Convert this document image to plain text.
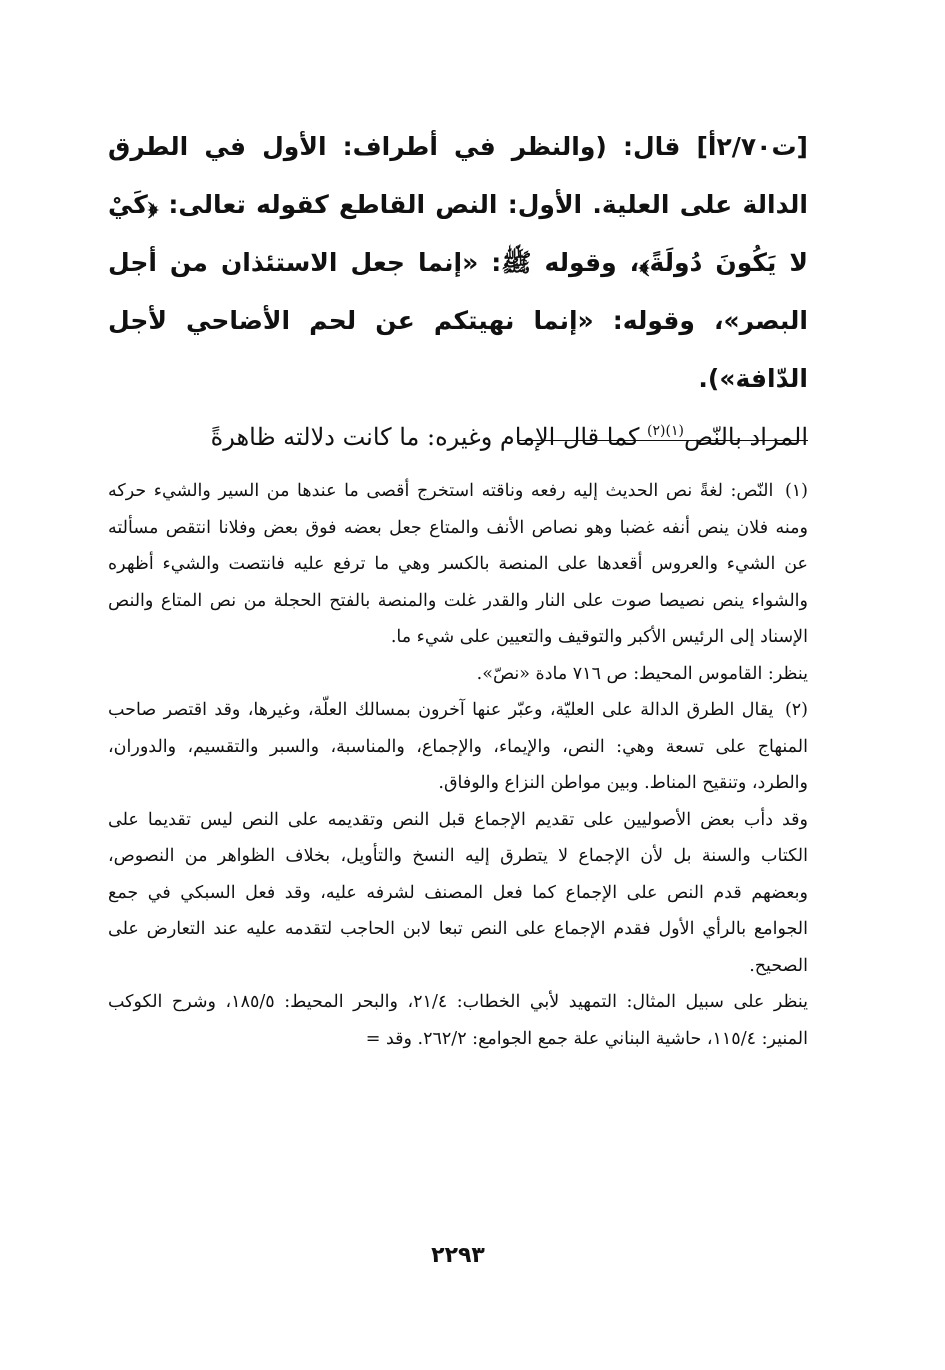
[ت٢/٧٠أ] قال: (والنظر في أطراف: الأول في الطرق الدالة على العلية. الأول: النص القاطع كقوله تعالى: ﴿كَيْ لا يَكُونَ دُولَةً﴾، وقوله ﷺ: «إنما جعل الاستئذان من أجل البصر»، وقوله: «إنما نهيتكم عن لحم الأضاحي لأجل الدّافة»).

المراد بالنّص$^{(١)(٢)}$ كما قال الإمام وغيره: ما كانت دلالته ظاهرةً

(١) النّص: لغةً نص الحديث إليه رفعه وناقته استخرج أقصى ما عندها من السير والشيء حركه ومنه فلان ينص أنفه غضبا وهو نصاص الأنف والمتاع جعل بعضه فوق بعض وفلانا انتقص مسألته عن الشيء والعروس أقعدها على المنصة بالكسر وهي ما ترفع عليه فانتصت والشيء أظهره والشواء ينص نصيصا صوت على النار والقدر غلت والمنصة بالفتح الحجلة من نص المتاع والنص الإسناد إلى الرئيس الأكبر والتوقيف والتعيين على شيء ما.

ينظر: القاموس المحيط: ص ٧١٦ مادة «نصّ».

(٢) يقال الطرق الدالة على العليّة، وعبّر عنها آخرون بمسالك العلّة، وغيرها، وقد اقتصر صاحب المنهاج على تسعة وهي: النص، والإيماء، والإجماع، والمناسبة، والسبر والتقسيم، والدوران، والطرد، وتنقيح المناط. وبين مواطن النزاع والوفاق.

وقد دأب بعض الأصوليين على تقديم الإجماع قبل النص وتقديمه على النص ليس تقديما على الكتاب والسنة بل لأن الإجماع لا يتطرق إليه النسخ والتأويل، بخلاف الظواهر من النصوص، وبعضهم قدم النص على الإجماع كما فعل المصنف لشرفه عليه، وقد فعل السبكي في جمع الجوامع بالرأي الأول فقدم الإجماع على النص تبعا لابن الحاجب لتقدمه عليه عند التعارض على الصحيح.

ينظر على سبيل المثال: التمهيد لأبي الخطاب: ٢١/٤، والبحر المحيط: ١٨٥/٥، وشرح الكوكب المنير: ١١٥/٤، حاشية البناني علة جمع الجوامع: ٢٦٢/٢. وقد =

٢٢٩٣
